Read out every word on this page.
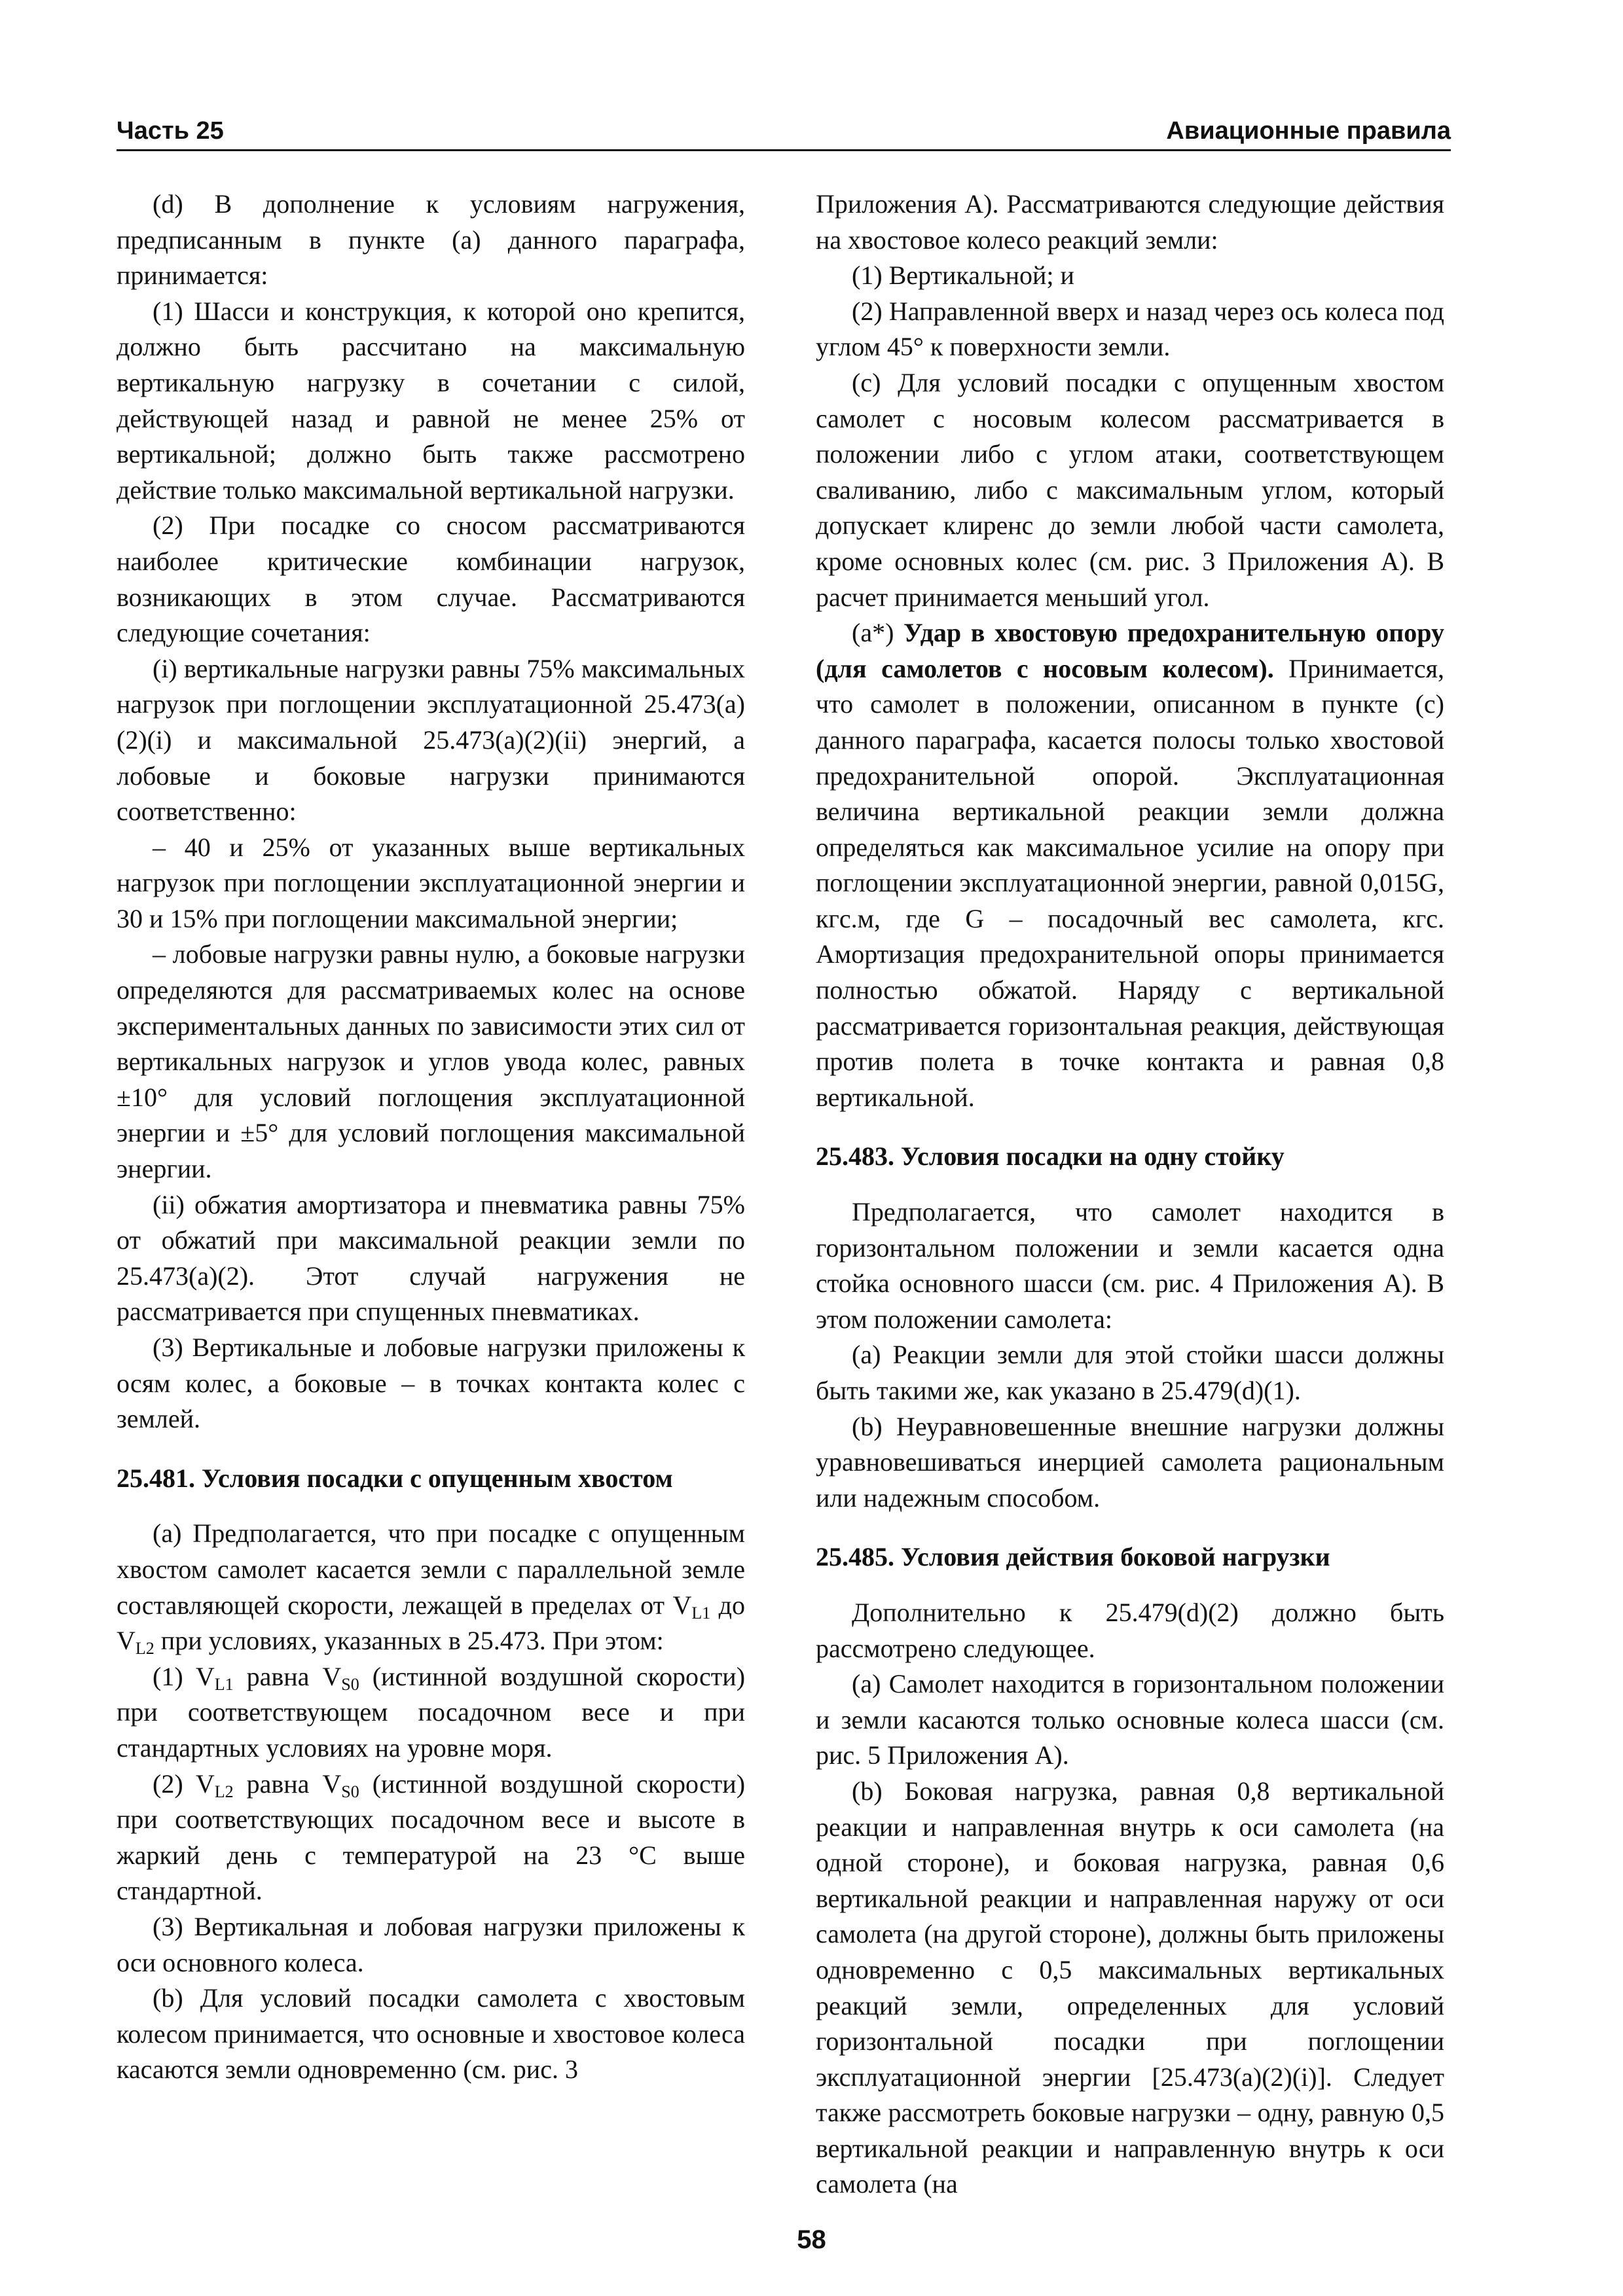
Часть 25	Авиационные правила

(d) В дополнение к условиям нагружения, предписанным в пункте (а) данного параграфа, принимается:

(1) Шасси и конструкция, к которой оно крепится, должно быть рассчитано на максимальную вертикальную нагрузку в сочетании с силой, действующей назад и равной не менее 25% от вертикальной; должно быть также рассмотрено действие только максимальной вертикальной нагрузки.

(2) При посадке со сносом рассматриваются наиболее критические комбинации нагрузок, возникающих в этом случае. Рассматриваются следующие сочетания:

(i) вертикальные нагрузки равны 75% максимальных нагрузок при поглощении эксплуатационной 25.473(a)(2)(i) и максимальной 25.473(a)(2)(ii) энергий, а лобовые и боковые нагрузки принимаются соответственно:

– 40 и 25% от указанных выше вертикальных нагрузок при поглощении эксплуатационной энергии и 30 и 15% при поглощении максимальной энергии;

– лобовые нагрузки равны нулю, а боковые нагрузки определяются для рассматриваемых колес на основе экспериментальных данных по зависимости этих сил от вертикальных нагрузок и углов увода колес, равных ±10° для условий поглощения эксплуатационной энергии и ±5° для условий поглощения максимальной энергии.

(ii) обжатия амортизатора и пневматика равны 75% от обжатий при максимальной реакции земли по 25.473(a)(2). Этот случай нагружения не рассматривается при спущенных пневматиках.

(3) Вертикальные и лобовые нагрузки приложены к осям колес, а боковые – в точках контакта колес с землей.

25.481. Условия посадки с опущенным хвостом

(a) Предполагается, что при посадке с опущенным хвостом самолет касается земли с параллельной земле составляющей скорости, лежащей в пределах от $V_{L1}$ до $V_{L2}$ при условиях, указанных в 25.473. При этом:

(1) $V_{L1}$ равна $V_{S0}$ (истинной воздушной скорости) при соответствующем посадочном весе и при стандартных условиях на уровне моря.

(2) $V_{L2}$ равна $V_{S0}$ (истинной воздушной скорости) при соответствующих посадочном весе и высоте в жаркий день с температурой на 23 °С выше стандартной.

(3) Вертикальная и лобовая нагрузки приложены к оси основного колеса.

(b) Для условий посадки самолета с хвостовым колесом принимается, что основные и хвостовое колеса касаются земли одновременно (см. рис. 3

Приложения А). Рассматриваются следующие действия на хвостовое колесо реакций земли:

(1) Вертикальной; и

(2) Направленной вверх и назад через ось колеса под углом 45° к поверхности земли.

(c) Для условий посадки с опущенным хвостом самолет с носовым колесом рассматривается в положении либо с углом атаки, соответствующем сваливанию, либо с максимальным углом, который допускает клиренс до земли любой части самолета, кроме основных колес (см. рис. 3 Приложения А). В расчет принимается меньший угол.

(a*) Удар в хвостовую предохранительную опору (для самолетов с носовым колесом). Принимается, что самолет в положении, описанном в пункте (с) данного параграфа, касается полосы только хвостовой предохранительной опорой. Эксплуатационная величина вертикальной реакции земли должна определяться как максимальное усилие на опору при поглощении эксплуатационной энергии, равной 0,015G, кгс.м, где G – посадочный вес самолета, кгс. Амортизация предохранительной опоры принимается полностью обжатой. Наряду с вертикальной рассматривается горизонтальная реакция, действующая против полета в точке контакта и равная 0,8 вертикальной.

25.483. Условия посадки на одну стойку

Предполагается, что самолет находится в горизонтальном положении и земли касается одна стойка основного шасси (см. рис. 4 Приложения А). В этом положении самолета:

(a) Реакции земли для этой стойки шасси должны быть такими же, как указано в 25.479(d)(1).

(b) Неуравновешенные внешние нагрузки должны уравновешиваться инерцией самолета рациональным или надежным способом.

25.485. Условия действия боковой нагрузки

Дополнительно к 25.479(d)(2) должно быть рассмотрено следующее.

(a) Самолет находится в горизонтальном положении и земли касаются только основные колеса шасси (см. рис. 5 Приложения А).

(b) Боковая нагрузка, равная 0,8 вертикальной реакции и направленная внутрь к оси самолета (на одной стороне), и боковая нагрузка, равная 0,6 вертикальной реакции и направленная наружу от оси самолета (на другой стороне), должны быть приложены одновременно с 0,5 максимальных вертикальных реакций земли, определенных для условий горизонтальной посадки при поглощении эксплуатационной энергии [25.473(a)(2)(i)]. Следует также рассмотреть боковые нагрузки – одну, равную 0,5 вертикальной реакции и направленную внутрь к оси самолета (на

58
